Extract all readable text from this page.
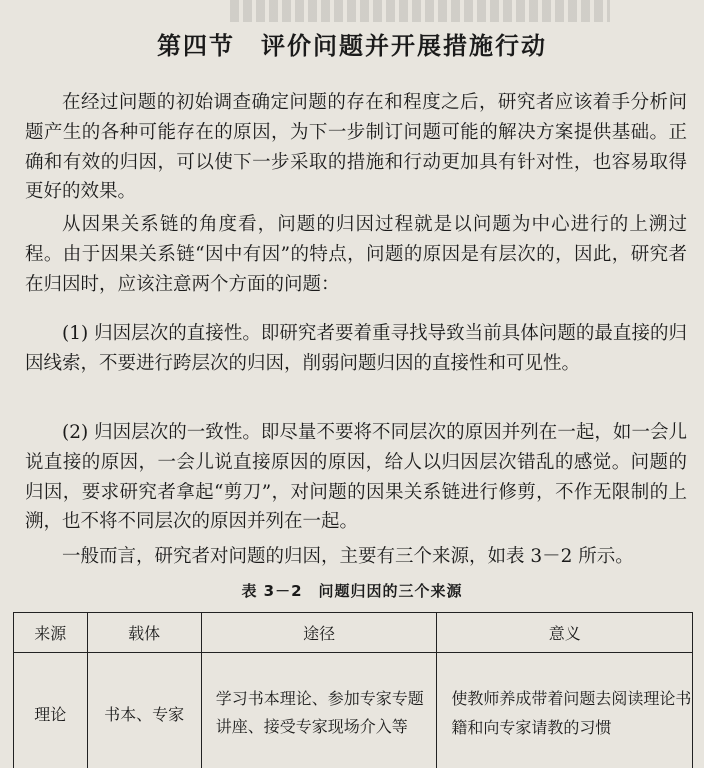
第四节　评价问题并开展措施行动

在经过问题的初始调查确定问题的存在和程度之后，研究者应该着手分析问题产生的各种可能存在的原因，为下一步制订问题可能的解决方案提供基础。正确和有效的归因，可以使下一步采取的措施和行动更加具有针对性，也容易取得更好的效果。

从因果关系链的角度看，问题的归因过程就是以问题为中心进行的上溯过程。由于因果关系链“因中有因”的特点，问题的原因是有层次的，因此，研究者在归因时，应该注意两个方面的问题：

(1) 归因层次的直接性。即研究者要着重寻找导致当前具体问题的最直接的归因线索，不要进行跨层次的归因，削弱问题归因的直接性和可见性。

(2) 归因层次的一致性。即尽量不要将不同层次的原因并列在一起，如一会儿说直接的原因，一会儿说直接原因的原因，给人以归因层次错乱的感觉。问题的归因，要求研究者拿起“剪刀”，对问题的因果关系链进行修剪，不作无限制的上溯，也不将不同层次的原因并列在一起。

一般而言，研究者对问题的归因，主要有三个来源，如表 3－2 所示。

表 3－2　问题归因的三个来源
来源	载体	途径	意义
理论	书本、专家	学习书本理论、参加专家专题讲座、接受专家现场介入等	使教师养成带着问题去阅读理论书籍和向专家请教的习惯
